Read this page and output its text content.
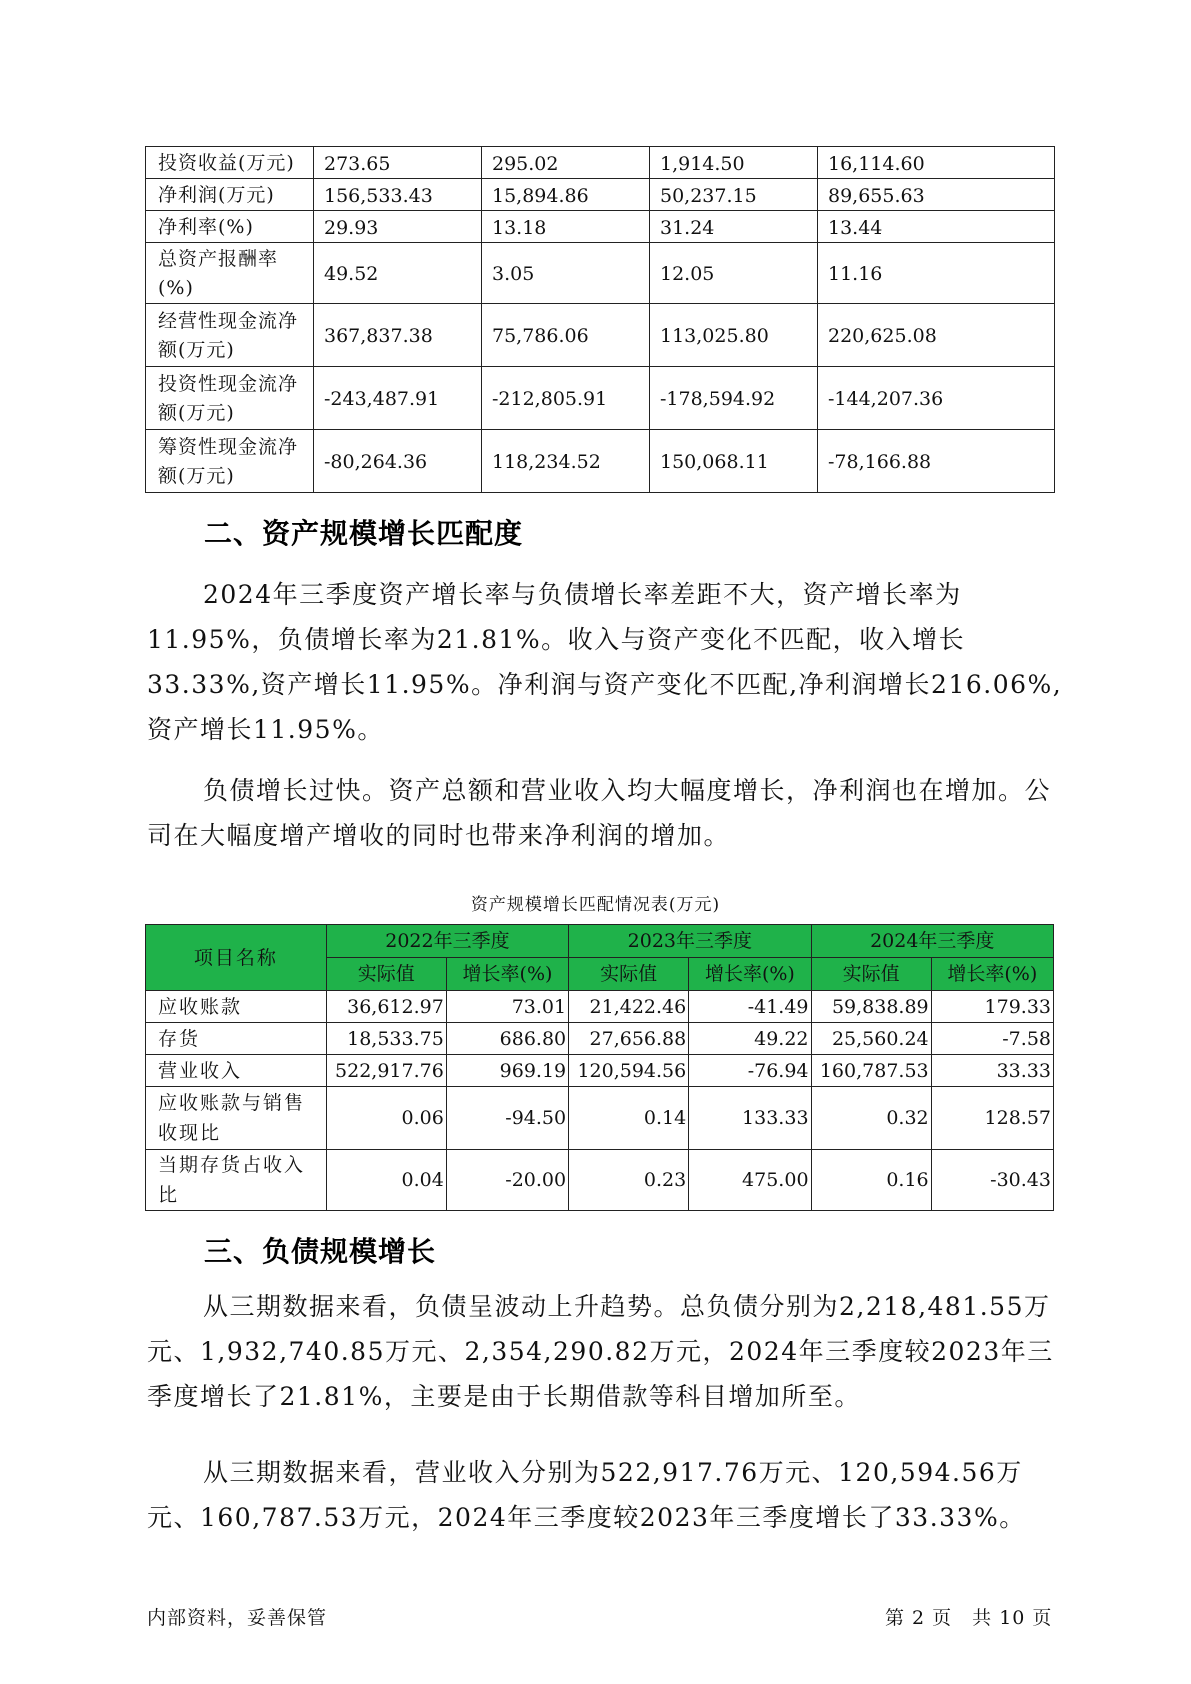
投资收益(万元)	273.65	295.02	1,914.50	16,114.60
净利润(万元)	156,533.43	15,894.86	50,237.15	89,655.63
净利率(%)	29.93	13.18	31.24	13.44
总资产报酬率(%)	49.52	3.05	12.05	11.16
经营性现金流净额(万元)	367,837.38	75,786.06	113,025.80	220,625.08
投资性现金流净额(万元)	-243,487.91	-212,805.91	-178,594.92	-144,207.36
筹资性现金流净额(万元)	-80,264.36	118,234.52	150,068.11	-78,166.88
二、资产规模增长匹配度

2024年三季度资产增长率与负债增长率差距不大，资产增长率为11.95%，负债增长率为21.81%。收入与资产变化不匹配，收入增长33.33%,资产增长11.95%。净利润与资产变化不匹配,净利润增长216.06%,资产增长11.95%。

负债增长过快。资产总额和营业收入均大幅度增长，净利润也在增加。公司在大幅度增产增收的同时也带来净利润的增加。

资产规模增长匹配情况表(万元)
项目名称	2022年三季度		2023年三季度		2024年三季度	
	实际值	增长率(%)	实际值	增长率(%)	实际值	增长率(%)
应收账款	36,612.97	73.01	21,422.46	-41.49	59,838.89	179.33
存货	18,533.75	686.80	27,656.88	49.22	25,560.24	-7.58
营业收入	522,917.76	969.19	120,594.56	-76.94	160,787.53	33.33
应收账款与销售收现比	0.06	-94.50	0.14	133.33	0.32	128.57
当期存货占收入比	0.04	-20.00	0.23	475.00	0.16	-30.43
三、负债规模增长

从三期数据来看，负债呈波动上升趋势。总负债分别为2,218,481.55万元、1,932,740.85万元、2,354,290.82万元，2024年三季度较2023年三季度增长了21.81%，主要是由于长期借款等科目增加所至。

从三期数据来看，营业收入分别为522,917.76万元、120,594.56万元、160,787.53万元，2024年三季度较2023年三季度增长了33.33%。

内部资料，妥善保管	第 2 页　共 10 页
